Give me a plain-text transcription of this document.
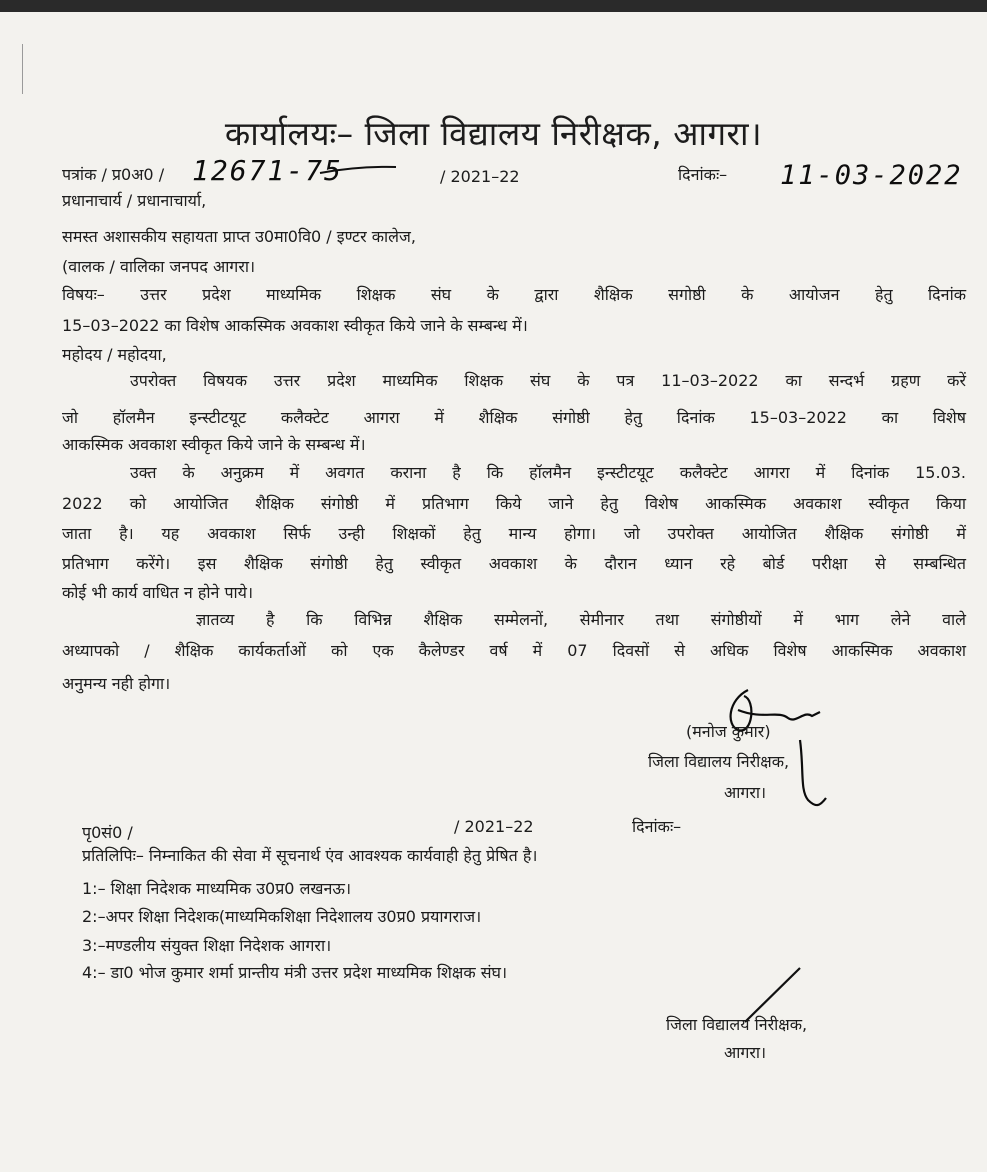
कार्यालयः– जिला विद्यालय निरीक्षक, आगरा।
पत्रांक / प्र0अ0 / 12671-75	/ 2021–22	दिनांकः– 11-03-2022
प्रधानाचार्य / प्रधानाचार्या,
समस्त अशासकीय सहायता प्राप्त उ0मा0वि0 / इण्टर कालेज,
(वालक / वालिका जनपद आगरा।
विषयः– उत्तर प्रदेश माध्यमिक शिक्षक संघ के द्वारा शैक्षिक सगोष्ठी के आयोजन हेतु दिनांक
15–03–2022 का विशेष आकस्मिक अवकाश स्वीकृत किये जाने के सम्बन्ध में।
महोदय / महोदया,
उपरोक्त विषयक उत्तर प्रदेश माध्यमिक शिक्षक संघ के पत्र 11–03–2022 का सन्दर्भ ग्रहण करें
जो हॉलमैन इन्स्टीटयूट कलैक्टेट आगरा में शैक्षिक संगोष्ठी हेतु दिनांक 15–03–2022 का विशेष
आकस्मिक अवकाश स्वीकृत किये जाने के सम्बन्ध में।
उक्त के अनुक्रम में अवगत कराना है कि हॉलमैन इन्स्टीटयूट कलैक्टेट आगरा में दिनांक 15.03.
2022 को आयोजित शैक्षिक संगोष्ठी में प्रतिभाग किये जाने हेतु विशेष आकस्मिक अवकाश स्वीकृत किया
जाता है। यह अवकाश सिर्फ उन्ही शिक्षकों हेतु मान्य होगा। जो उपरोक्त आयोजित शैक्षिक संगोष्ठी में
प्रतिभाग करेंगे। इस शैक्षिक संगोष्ठी हेतु स्वीकृत अवकाश के दौरान ध्यान रहे बोर्ड परीक्षा से सम्बन्धित
कोई भी कार्य वाधित न होने पाये।
ज्ञातव्य है कि विभिन्न शैक्षिक सम्मेलनों, सेमीनार तथा संगोष्ठीयों में भाग लेने वाले
अध्यापको / शैक्षिक कार्यकर्ताओं को एक कैलेण्डर वर्ष में 07 दिवसों से अधिक विशेष आकस्मिक अवकाश
अनुमन्य नही होगा।
(मनोज कुमार)
जिला विद्यालय निरीक्षक,
आगरा।
पृ0सं0 /	/ 2021–22	दिनांकः–
प्रतिलिपिः– निम्नाकित की सेवा में सूचनार्थ एंव आवश्यक कार्यवाही हेतु प्रेषित है।
1:– शिक्षा निदेशक माध्यमिक उ0प्र0 लखनऊ।
2:–अपर शिक्षा निदेशक(माध्यमिकशिक्षा निदेशालय उ0प्र0 प्रयागराज।
3:–मण्डलीय संयुक्त शिक्षा निदेशक आगरा।
4:– डा0 भोज कुमार शर्मा प्रान्तीय मंत्री उत्तर प्रदेश माध्यमिक शिक्षक संघ।
जिला विद्यालय निरीक्षक,
आगरा।
